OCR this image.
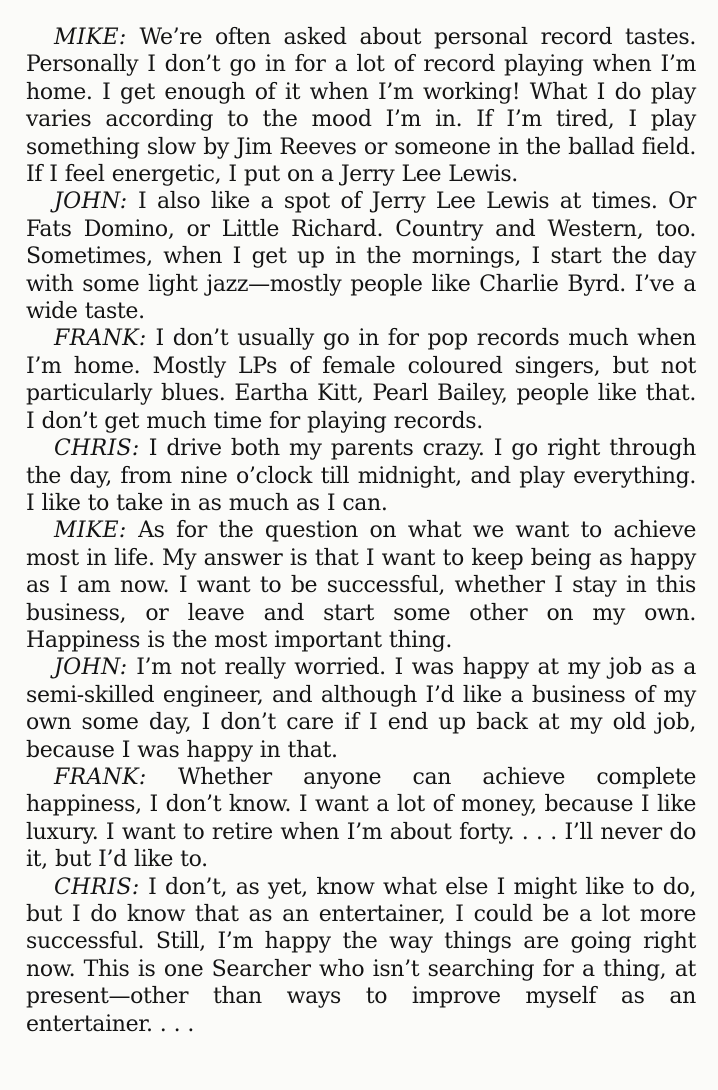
MIKE: We’re often asked about personal record tastes. Personally I don’t go in for a lot of record playing when I’m home. I get enough of it when I’m working! What I do play varies according to the mood I’m in. If I’m tired, I play something slow by Jim Reeves or someone in the ballad field. If I feel energetic, I put on a Jerry Lee Lewis.

JOHN: I also like a spot of Jerry Lee Lewis at times. Or Fats Domino, or Little Richard. Country and Western, too. Sometimes, when I get up in the mornings, I start the day with some light jazz—mostly people like Charlie Byrd. I’ve a wide taste.

FRANK: I don’t usually go in for pop records much when I’m home. Mostly LPs of female coloured singers, but not particularly blues. Eartha Kitt, Pearl Bailey, people like that. I don’t get much time for playing records.

CHRIS: I drive both my parents crazy. I go right through the day, from nine o’clock till midnight, and play everything. I like to take in as much as I can.

MIKE: As for the question on what we want to achieve most in life. My answer is that I want to keep being as happy as I am now. I want to be successful, whether I stay in this business, or leave and start some other on my own. Happiness is the most important thing.

JOHN: I’m not really worried. I was happy at my job as a semi-skilled engineer, and although I’d like a business of my own some day, I don’t care if I end up back at my old job, because I was happy in that.

FRANK: Whether anyone can achieve complete happiness, I don’t know. I want a lot of money, because I like luxury. I want to retire when I’m about forty. . . . I’ll never do it, but I’d like to.

CHRIS: I don’t, as yet, know what else I might like to do, but I do know that as an entertainer, I could be a lot more successful. Still, I’m happy the way things are going right now. This is one Searcher who isn’t searching for a thing, at present—other than ways to improve myself as an entertainer. . . .
